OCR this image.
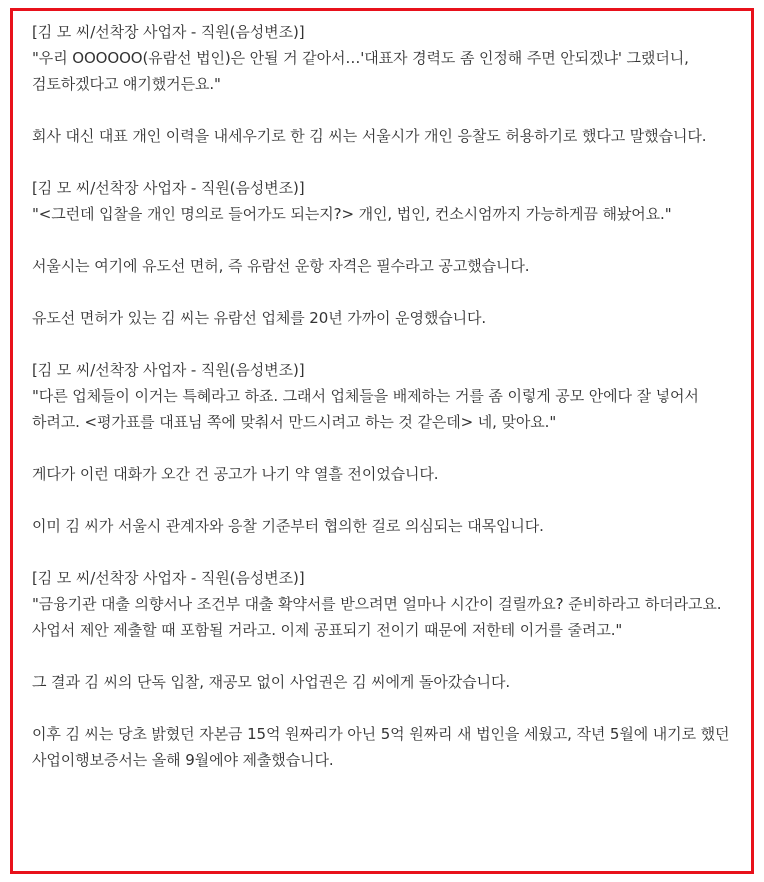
[김 모 씨/선착장 사업자 - 직원(음성변조)]
"우리 OOOOOO(유람선 법인)은 안될 거 같아서…'대표자 경력도 좀 인정해 주면 안되겠냐' 그랬더니, 검토하겠다고 얘기했거든요."
회사 대신 대표 개인 이력을 내세우기로 한 김 씨는 서울시가 개인 응찰도 허용하기로 했다고 말했습니다.
[김 모 씨/선착장 사업자 - 직원(음성변조)]
"<그런데 입찰을 개인 명의로 들어가도 되는지?> 개인, 법인, 컨소시엄까지 가능하게끔 해놨어요."
서울시는 여기에 유도선 면허, 즉 유람선 운항 자격은 필수라고 공고했습니다.
유도선 면허가 있는 김 씨는 유람선 업체를 20년 가까이 운영했습니다.
[김 모 씨/선착장 사업자 - 직원(음성변조)]
"다른 업체들이 이거는 특혜라고 하죠. 그래서 업체들을 배제하는 거를 좀 이렇게 공모 안에다 잘 넣어서 하려고. <평가표를 대표님 쪽에 맞춰서 만드시려고 하는 것 같은데> 네, 맞아요."
게다가 이런 대화가 오간 건 공고가 나기 약 열흘 전이었습니다.
이미 김 씨가 서울시 관계자와 응찰 기준부터 협의한 걸로 의심되는 대목입니다.
[김 모 씨/선착장 사업자 - 직원(음성변조)]
"금융기관 대출 의향서나 조건부 대출 확약서를 받으려면 얼마나 시간이 걸릴까요? 준비하라고 하더라고요. 사업서 제안 제출할 때 포함될 거라고. 이제 공표되기 전이기 때문에 저한테 이거를 줄려고."
그 결과 김 씨의 단독 입찰, 재공모 없이 사업권은 김 씨에게 돌아갔습니다.
이후 김 씨는 당초 밝혔던 자본금 15억 원짜리가 아닌 5억 원짜리 새 법인을 세웠고, 작년 5월에 내기로 했던 사업이행보증서는 올해 9월에야 제출했습니다.
